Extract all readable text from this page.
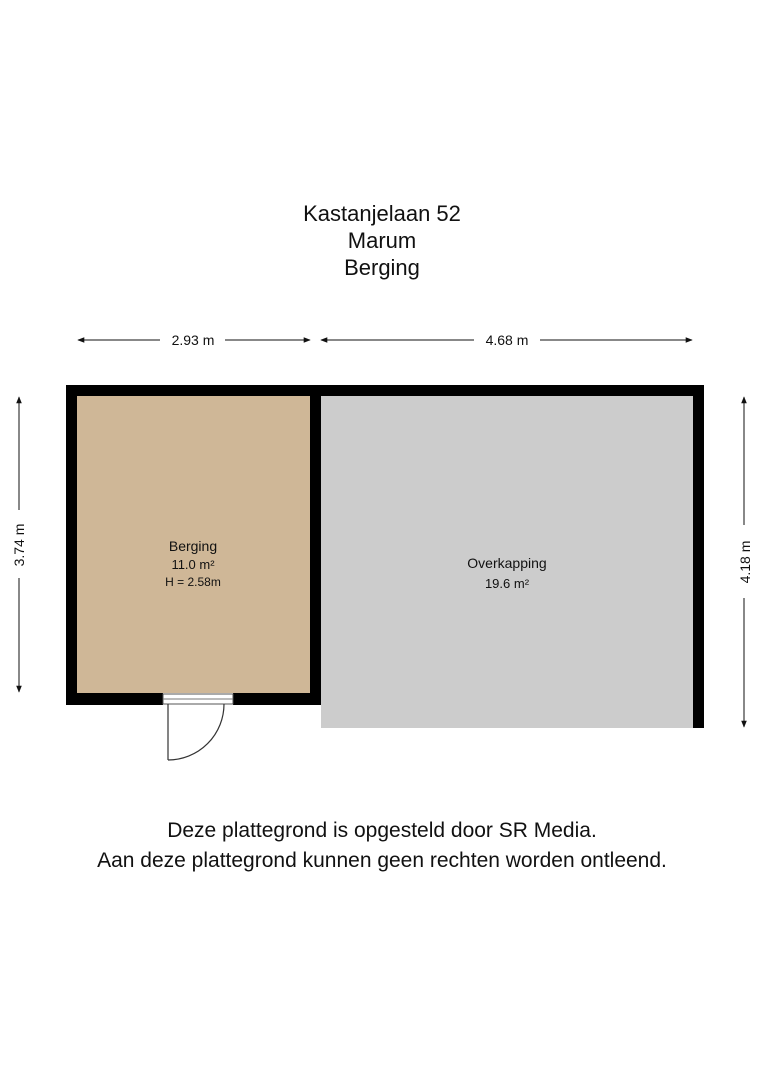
Kastanjelaan 52
Marum
Berging
2.93 m	4.68 m
3.74 m	4.18 m
Berging
11.0 m²
H = 2.58m
Overkapping
19.6 m²
Deze plattegrond is opgesteld door SR Media.
Aan deze plattegrond kunnen geen rechten worden ontleend.
